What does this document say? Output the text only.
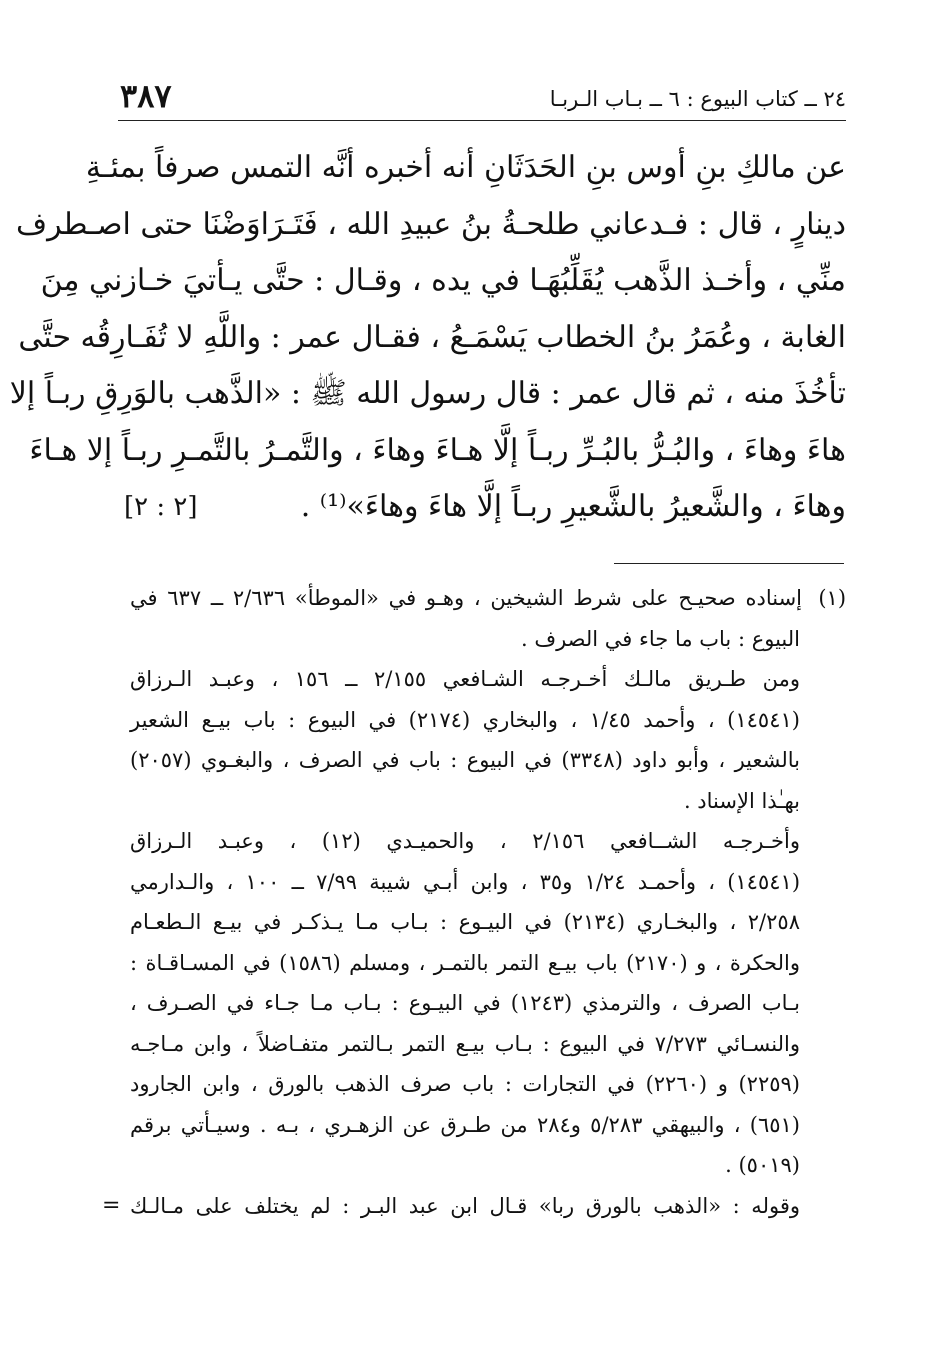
٢٤ ــ كتاب البيوع : ٦ ــ بـاب الـربـا
٣٨٧
عن مالكِ بنِ أوس بنِ الحَدَثَانِ أنه أخبره أنَّه التمس صرفاً بمئـةِ
دينارٍ ، قال : فـدعاني طلحـةُ بنُ عبيدِ الله ، فَتَـرَاوَضْنَا حتى اصـطرف
منِّي ، وأخـذ الذَّهب يُقَلِّبُهَـا في يده ، وقـال : حتَّى يـأتيَ خـازني مِنَ
الغابة ، وعُمَرُ بنُ الخطاب يَسْمَـعُ ، فقـال عمر : واللَّهِ لا تُفَـارِقُه حتَّى
تأخُذَ منه ، ثم قال عمر : قال رسول الله ﷺ : «الذَّهب بالوَرِقِ ربـاً إلا
هاءَ وهاءَ ، والبُـرُّ بالبُـرِّ ربـاً إلَّا هـاءَ وهاءَ ، والتَّمـرُ بالتَّمـرِ ربـاً إلا هـاءَ
وهاءَ ، والشَّعيرُ بالشَّعيرِ ربـاً إلَّا هاءَ وهاءَ»⁽¹⁾ .
[٢ : ٢]
(١)إسناده صحيـح على شرط الشيخين ، وهـو في «الموطأ» ٢/٦٣٦ ــ ٦٣٧ في
البيوع : باب ما جاء في الصرف .
ومن طـريق مالـك أخـرجـه الشـافعي ٢/١٥٥ ــ ١٥٦ ، وعبـد الـرزاق
(١٤٥٤١) ، وأحمد ١/٤٥ ، والبخاري (٢١٧٤) في البيوع : باب بيـع الشعير
بالشعير ، وأبو داود (٣٣٤٨) في البيوع : باب في الصرف ، والبغـوي (٢٠٥٧)
بهـٰذا الإسناد .
وأخـرجـه الشــافعي ٢/١٥٦ ، والحميـدي (١٢) ، وعبـد الـرزاق
(١٤٥٤١) ، وأحمـد ١/٢٤ و٣٥ ، وابن أبـي شيبة ٧/٩٩ ــ ١٠٠ ، والـدارمي
٢/٢٥٨ ، والبخـاري (٢١٣٤) في البيـوع : بـاب مـا يـذكـر في بيـع الـطعـام
والحكرة ، و (٢١٧٠) باب بيـع التمر بالتمـر ، ومسلم (١٥٨٦) في المسـاقـاة :
بـاب الصرف ، والترمذي (١٢٤٣) في البيـوع : بـاب مـا جـاء في الصـرف ،
والنسـائي ٧/٢٧٣ في البيوع : بـاب بيـع التمر بـالتمر متفـاضلاً ، وابن مـاجـه
(٢٢٥٩) و (٢٢٦٠) في التجارات : باب صرف الذهب بالورق ، وابن الجارود
(٦٥١) ، والبيهقي ٥/٢٨٣ و٢٨٤ من طـرق عن الزهـري ، بـه . وسيـأتي برقم
(٥٠١٩) .
وقوله : «الذهب بالورق ربا» قـال ابن عبد البـر : لم يختلف على مـالـك
=
